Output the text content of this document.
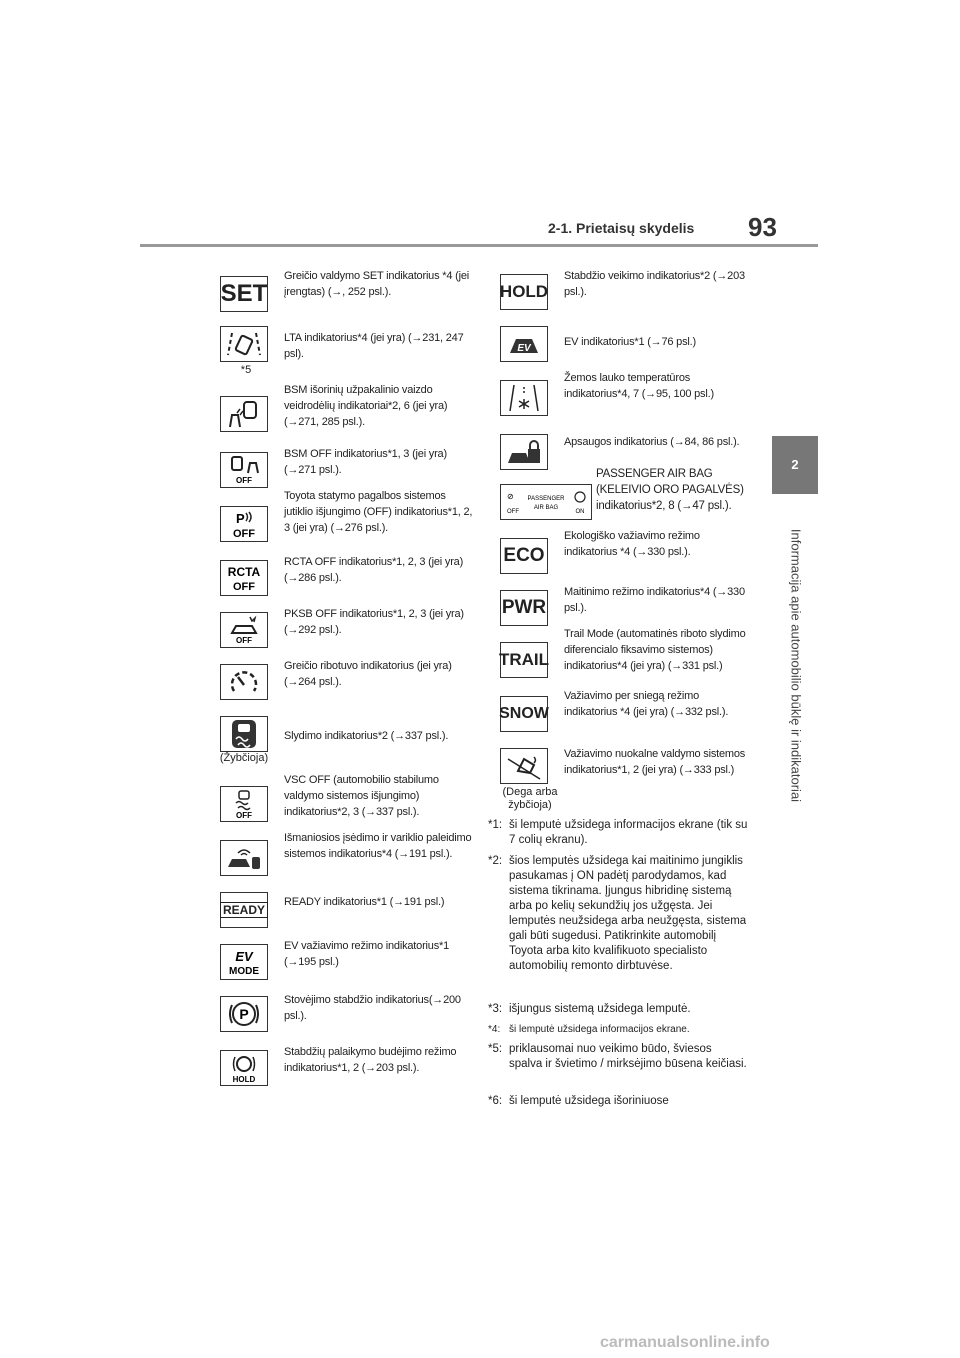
2-1. Prietaisų skydelis 93
2
Informacija apie automobilio būklę ir indikatoriai
SET
Greičio valdymo SET indikatorius *4 (jei įrengtas) (→, 252 psl.).
*5
LTA indikatorius*4 (jei yra) (→231, 247 psl).
BSM išorinių užpakalinio vaizdo veidrodėlių indikatoriai*2, 6 (jei yra) (→271, 285 psl.).
OFF
BSM OFF indikatorius*1, 3 (jei yra) (→271 psl.).
P
OFF
Toyota statymo pagalbos sistemos jutiklio išjungimo (OFF) indikatorius*1, 2, 3 (jei yra) (→276 psl.).
RCTA
OFF
RCTA OFF indikatorius*1, 2, 3 (jei yra) (→286 psl.).
OFF
PKSB OFF indikatorius*1, 2, 3 (jei yra) (→292 psl.).
Greičio ribotuvo indikatorius (jei yra) (→264 psl.).
(Žybčioja)
Slydimo indikatorius*2 (→337 psl.).
OFF
VSC OFF (automobilio stabilumo valdymo sistemos išjungimo) indikatorius*2, 3 (→337 psl.).
Išmaniosios įsėdimo ir variklio paleidimo sistemos indikatorius*4 (→191 psl.).
READY
READY indikatorius*1 (→191 psl.)
EV
MODE
EV važiavimo režimo indikatorius*1 (→195 psl.)
P
Stovėjimo stabdžio indikatorius(→200 psl.).
HOLD
Stabdžių palaikymo budėjimo režimo indikatorius*1, 2 (→203 psl.).
HOLD
Stabdžio veikimo indikatorius*2 (→203 psl.).
EV
EV indikatorius*1 (→76 psl.)
Žemos lauko temperatūros indikatorius*4, 7 (→95, 100 psl.)
Apsaugos indikatorius (→84, 86 psl.).
⊘
OFF
PASSENGER
AIR BAG
ON
PASSENGER AIR BAG (KELEIVIO ORO PAGALVĖS) indikatorius*2, 8 (→47 psl.).
ECO
Ekologiško važiavimo režimo indikatorius *4 (→330 psl.).
PWR
Maitinimo režimo indikatorius*4 (→330 psl.).
TRAIL
Trail Mode (automatinės riboto slydimo diferencialo fiksavimo sistemos) indikatorius*4 (jei yra) (→331 psl.)
SNOW
Važiavimo per sniegą režimo indikatorius *4 (jei yra) (→332 psl.).
(Dega arba žybčioja)
Važiavimo nuokalne valdymo sistemos indikatorius*1, 2 (jei yra) (→333 psl.)
*1: ši lemputė užsidega informacijos ekrane (tik su 7 colių ekranu).
*2: šios lemputės užsidega kai maitinimo jungiklis pasukamas į ON padėtį parodydamos, kad sistema tikrinama. Įjungus hibridinę sistemą arba po kelių sekundžių jos užgęsta. Jei lemputės neužsidega arba neužgęsta, sistema gali būti sugedusi. Patikrinkite automobilį Toyota arba kito kvalifikuoto specialisto automobilių remonto dirbtuvėse.
*3: išjungus sistemą užsidega lemputė.
*4: ši lemputė užsidega informacijos ekrane.
*5: priklausomai nuo veikimo būdo, šviesos spalva ir švietimo / mirksėjimo būsena keičiasi.
*6: ši lemputė užsidega išoriniuose
carmanualsonline.info
